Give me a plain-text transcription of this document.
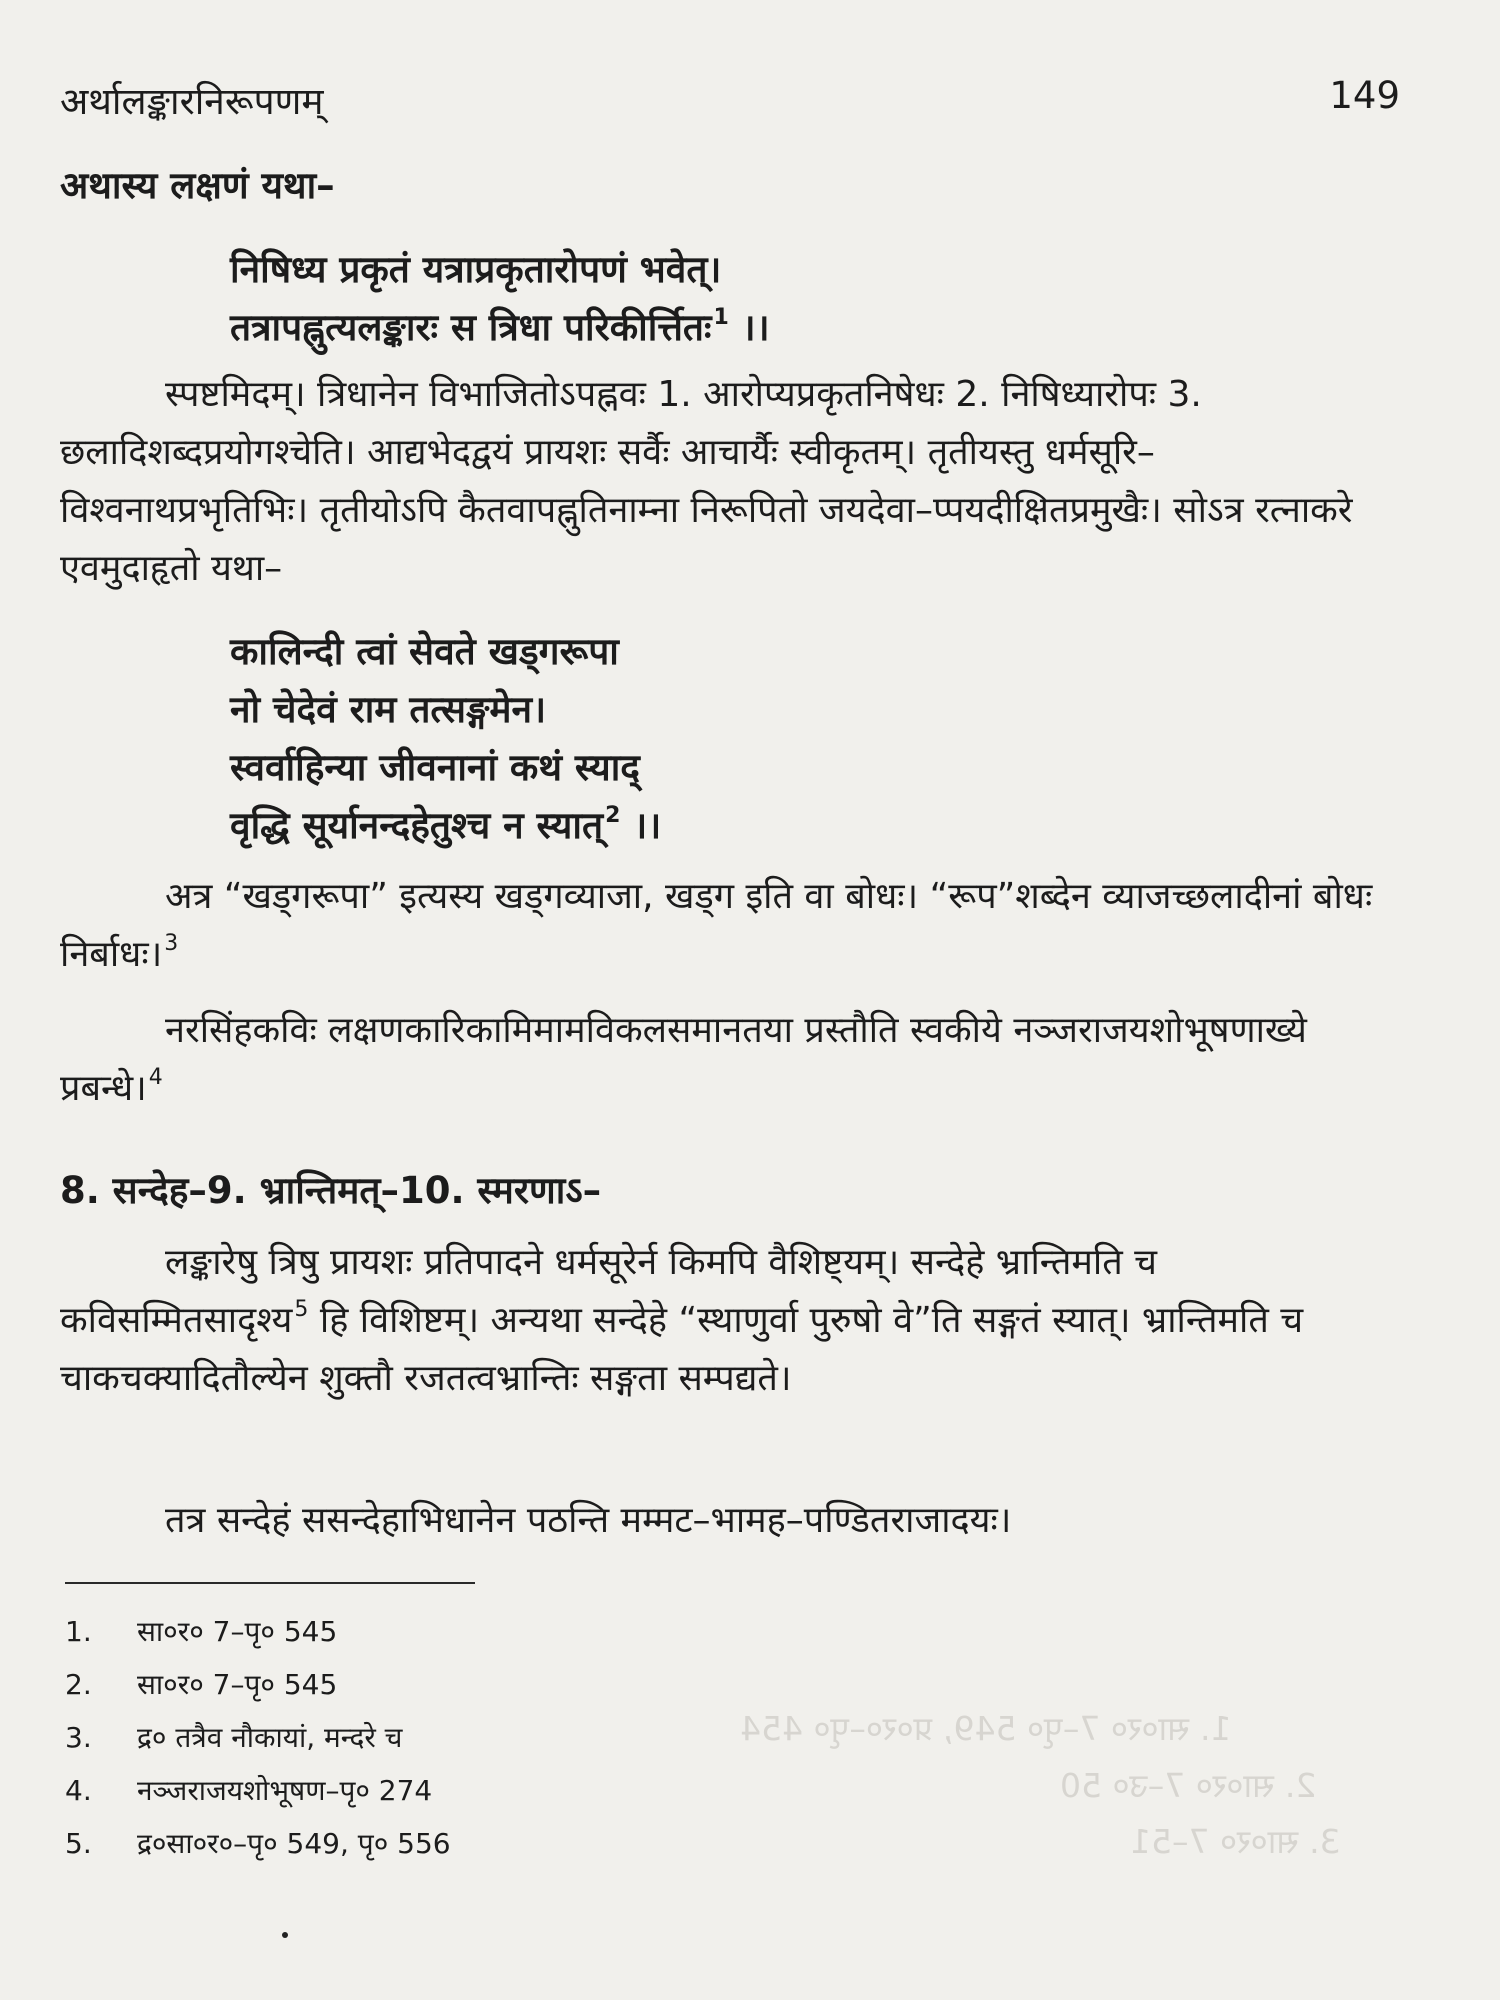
1. सा०र० 7–पृ० 549, प्र०र०–पृ० 454
2. सा०र० 7–उ० 50
3. सा०र० 7–51
अर्थालङ्कारनिरूपणम्	149
अथास्य लक्षणं यथा–
निषिध्य प्रकृतं यत्राप्रकृतारोपणं भवेत्।
तत्रापह्नुत्यलङ्कारः स त्रिधा परिकीर्त्तितः$^1$ ।।
स्पष्टमिदम्। त्रिधानेन विभाजितोऽपह्नवः 1. आरोप्यप्रकृतनिषेधः 2. निषिध्यारोपः 3. छलादिशब्दप्रयोगश्चेति। आद्यभेदद्वयं प्रायशः सर्वैः आचार्यैः स्वीकृतम्। तृतीयस्तु धर्मसूरि–विश्वनाथप्रभृतिभिः। तृतीयोऽपि कैतवापह्नुतिनाम्ना निरूपितो जयदेवा–प्पयदीक्षितप्रमुखैः। सोऽत्र रत्नाकरे एवमुदाहृतो यथा–
कालिन्दी त्वां सेवते खड्गरूपा
नो चेदेवं राम तत्सङ्गमेन।
स्वर्वाहिन्या जीवनानां कथं स्याद्
वृद्धि सूर्यानन्दहेतुश्च न स्यात्$^2$ ।।
अत्र “खड्गरूपा” इत्यस्य खड्गव्याजा, खड्ग इति वा बोधः। “रूप”शब्देन व्याजच्छलादीनां बोधः निर्बाधः।$^3$
नरसिंहकविः लक्षणकारिकामिमामविकलसमानतया प्रस्तौति स्वकीये नञ्जराजयशोभूषणाख्ये प्रबन्धे।$^4$
8. सन्देह–9. भ्रान्तिमत्–10. स्मरणाऽ–
लङ्कारेषु त्रिषु प्रायशः प्रतिपादने धर्मसूरेर्न किमपि वैशिष्ट्यम्। सन्देहे भ्रान्तिमति च कविसम्मितसादृश्य$^5$ हि विशिष्टम्। अन्यथा सन्देहे “स्थाणुर्वा पुरुषो वे”ति सङ्गतं स्यात्। भ्रान्तिमति च चाकचक्यादितौल्येन शुक्तौ रजतत्वभ्रान्तिः सङ्गता सम्पद्यते।
तत्र सन्देहं ससन्देहाभिधानेन पठन्ति मम्मट–भामह–पण्डितराजादयः।
1. सा०र० 7–पृ० 545
2. सा०र० 7–पृ० 545
3. द्र० तत्रैव नौकायां, मन्दरे च
4. नञ्जराजयशोभूषण–पृ० 274
5. द्र०सा०र०–पृ० 549, पृ० 556
